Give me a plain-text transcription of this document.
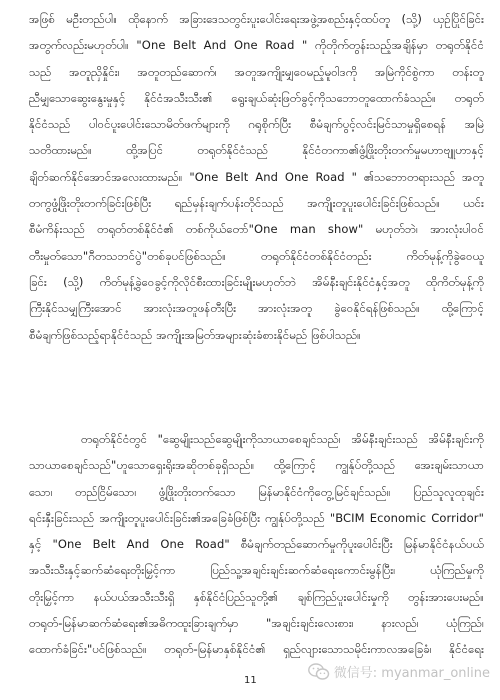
အဖြစ် မဦးတည်ပါ။ ထိုနောက် အခြားဒေသတွင်းပူးပေါင်းရေးအဖွဲ့အစည်းနှင့်ထပ်တူ (သို့) ယှဉ်ပြိုင်ခြင်း
အတွက်လည်းမဟုတ်ပါ။ "One Belt And One Road " ကိုတိုက်တွန်းသည့်အချိန်မှာ တရုတ်နိုင်ငံ
သည် အတူညှိနှိုင်း၊ အတူတည်ဆောက်၊ အတူအကျိုးမျှဝေမည့်မူဝါဒကို အမြဲကိုင်စွဲကာ တန်းတူ
ညီမျှသောဆွေးနွေးမှုနှင့် နိုင်ငံအသီးသီး၏ ရွေးချယ်ဆုံးဖြတ်ခွင့်ကိုသဘောတူထောက်ခံသည်။ တရုတ်
နိုင်ငံသည် ပါဝင်ပူးပေါင်းသောမိတ်ဖက်များကို ဂရုစိုက်ပြီး စီမံချက်ပွင့်လင်းမြင်သာမှုရှိစေရန် အမြဲ
သတိထားမည်။ ထို့အပြင် တရုတ်နိုင်ငံသည် နိုင်ငံတကာ၏ဖွံ့ဖြိုးတိုးတက်မှုမဟာဗျူဟာနှင့်
ချိတ်ဆက်နိုင်အောင်အလေးထားမည်။ "One Belt And One Road " ၏သဘောတရားသည် အတူ
တကွဖွံ့ဖြိုးတိုးတက်ခြင်းဖြစ်ပြီး ရည်မှန်းချက်ပန်းတိုင်သည် အကျိုးတူပူးပေါင်းခြင်းဖြစ်သည်။ ယင်း
စီမံကိန်းသည် တရုတ်တစ်နိုင်ငံ၏ တစ်ကိုယ်တော်"One man show" မဟုတ်ဘဲ၊ အားလုံးပါဝင်
တီးမှုတ်သော"ဂီတသဘင်ပွဲ"တစ်ခုပင်ဖြစ်သည်။ တရုတ်နိုင်ငံတစ်နိုင်ငံတည်း ကိတ်မုန့်ကိုခွဲဝေယူ
ခြင်း (သို့) ကိတ်မုန့်ခွဲဝေခွင့်ကိုလိုင်စီးထားခြင်းမျိုးမဟုတ်ဘဲ အိမ်နီးချင်းနိုင်ငံနှင့်အတူ ထိုကိတ်မုန့်ကို
ကြီးနိုင်သမျှကြီးအောင် အားလုံးအတူဖန်တီးပြီး အားလုံးအတူ ခွဲဝေနိုင်ရန်ဖြစ်သည်။ ထို့ကြောင့်
စီမံချက်ဖြစ်သည့်ရာနိုင်ငံသည် အကျိုးအမြတ်အများဆုံးခံစားနိုင်မည် ဖြစ်ပါသည်။
တရုတ်နိုင်ငံတွင် "ဆွေမျိုးသည်ဆွေမျိုးကိုသာယာစေချင်သည်၊ အိမ်နီးချင်းသည် အိမ်နီးချင်းကို
သာယာစေချင်သည်"ဟူသောရှေးရိုးအဆိုတစ်ခုရှိသည်။ ထို့ကြောင့် ကျွန်ုပ်တို့သည် အေးချမ်းသာယာ
သော၊ တည်ငြိမ်သော၊ ဖွံ့ဖြိုးတိုးတက်သော မြန်မာနိုင်ငံကိုတွေ့မြင်ချင်သည်။ ပြည်သူလူထုချင်း
ရင်းနှီးခြင်းသည် အကျိုးတူပူးပေါင်းခြင်း၏အခြေခံဖြစ်ပြီး ကျွန်ုပ်တို့သည် "BCIM Economic Corridor"
နှင့် "One Belt And One Road" စီမံချက်တည်ဆောက်မှုကိုပူးပေါင်းပြီး မြန်မာနိုင်ငံနယ်ပယ်
အသီးသီးနှင့်ဆက်ဆံရေးတိုးမြှင့်ကာ ပြည်သူ့အချင်းချင်းဆက်ဆံရေးကောင်းမွန်ပြီး၊ ယုံကြည်မှုကို
တိုးမြှင့်ကာ နယ်ပယ်အသီးသီးရှိ နှစ်နိုင်ငံပြည်သူတို့၏ ချစ်ကြည်ပူးပေါင်းမှုကို တွန်းအားပေးမည်။
တရုတ်-မြန်မာဆက်ဆံရေး၏အဓိကထူးခြားချက်မှာ "အချင်းချင်းလေးစား၊ နားလည်၊ ယုံကြည်၊
ထောက်ခံခြင်း"ပင်ဖြစ်သည်။ တရုတ်-မြန်မာနှစ်နိုင်ငံ၏ ရှည်လျားသောသမိုင်းကာလအခြေခံ၊ နိုင်ငံရေး
11	微信号: myanmar_online
